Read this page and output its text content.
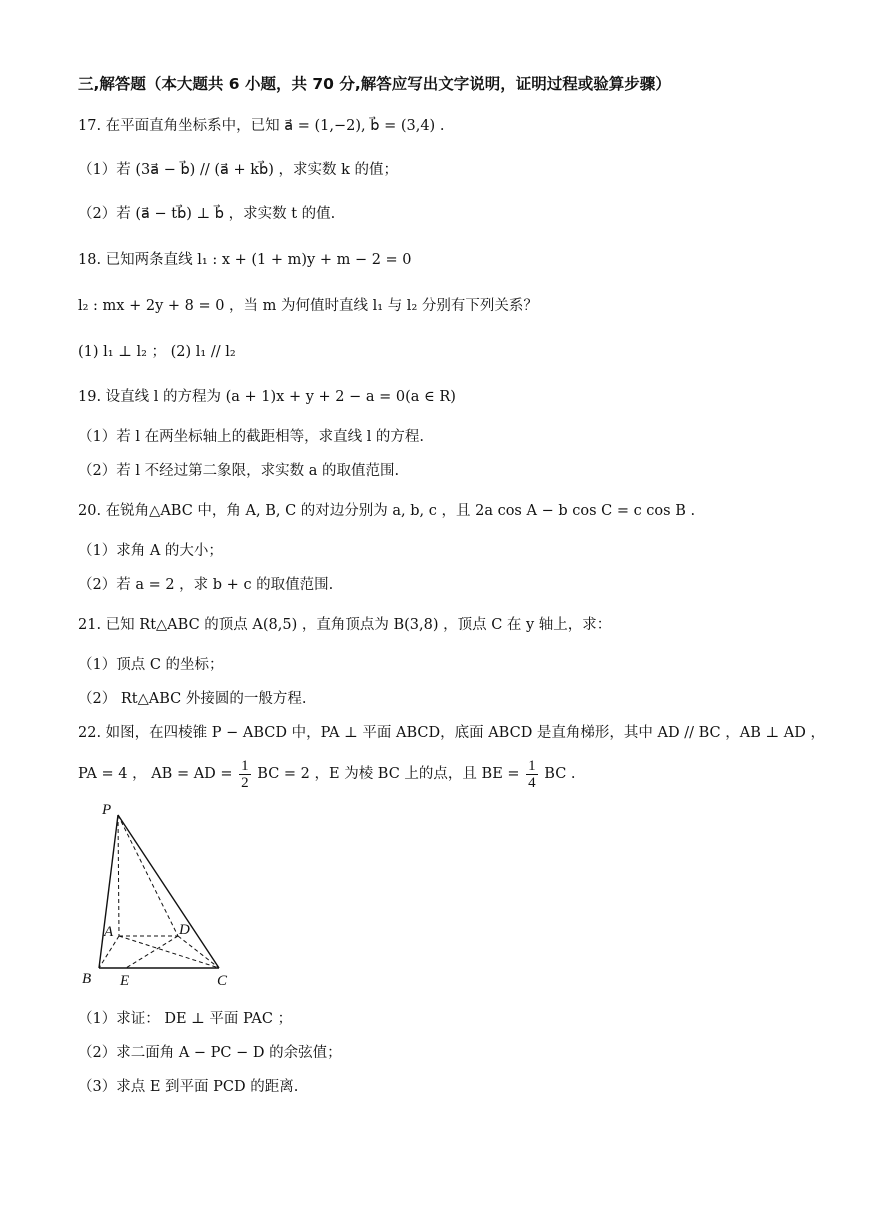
三,解答题（本大题共 6 小题，共 70 分,解答应写出文字说明，证明过程或验算步骤）
17. 在平面直角坐标系中，已知 a⃗ = (1,−2), b⃗ = (3,4) .
（1）若 (3a⃗ − b⃗) // (a⃗ + kb⃗) ，求实数 k 的值；
（2）若 (a⃗ − tb⃗) ⊥ b⃗ ，求实数 t 的值.
18. 已知两条直线 l₁ : x + (1 + m)y + m − 2 = 0
l₂ : mx + 2y + 8 = 0 ，当 m 为何值时直线 l₁ 与 l₂ 分别有下列关系？
(1) l₁ ⊥ l₂ ； (2) l₁ // l₂
19. 设直线 l 的方程为 (a + 1)x + y + 2 − a = 0(a ∈ R)
（1）若 l 在两坐标轴上的截距相等，求直线 l 的方程.
（2）若 l 不经过第二象限，求实数 a 的取值范围.
20. 在锐角△ABC 中，角 A, B, C 的对边分别为 a, b, c ，且 2a cos A − b cos C = c cos B .
（1）求角 A 的大小；
（2）若 a = 2 ，求 b + c 的取值范围.
21. 已知 Rt△ABC 的顶点 A(8,5) ，直角顶点为 B(3,8) ，顶点 C 在 y 轴上，求：
（1）顶点 C 的坐标；
（2） Rt△ABC 外接圆的一般方程.
22. 如图，在四棱锥 P − ABCD 中，PA ⊥ 平面 ABCD，底面 ABCD 是直角梯形，其中 AD // BC ，AB ⊥ AD ，
PA = 4 ， AB = AD = $\frac{1}{2}$ BC = 2 ，E 为棱 BC 上的点，且 BE = $\frac{1}{4}$ BC .
P
A	D
B E	C
（1）求证： DE ⊥ 平面 PAC ；
（2）求二面角 A − PC − D 的余弦值；
（3）求点 E 到平面 PCD 的距离.
